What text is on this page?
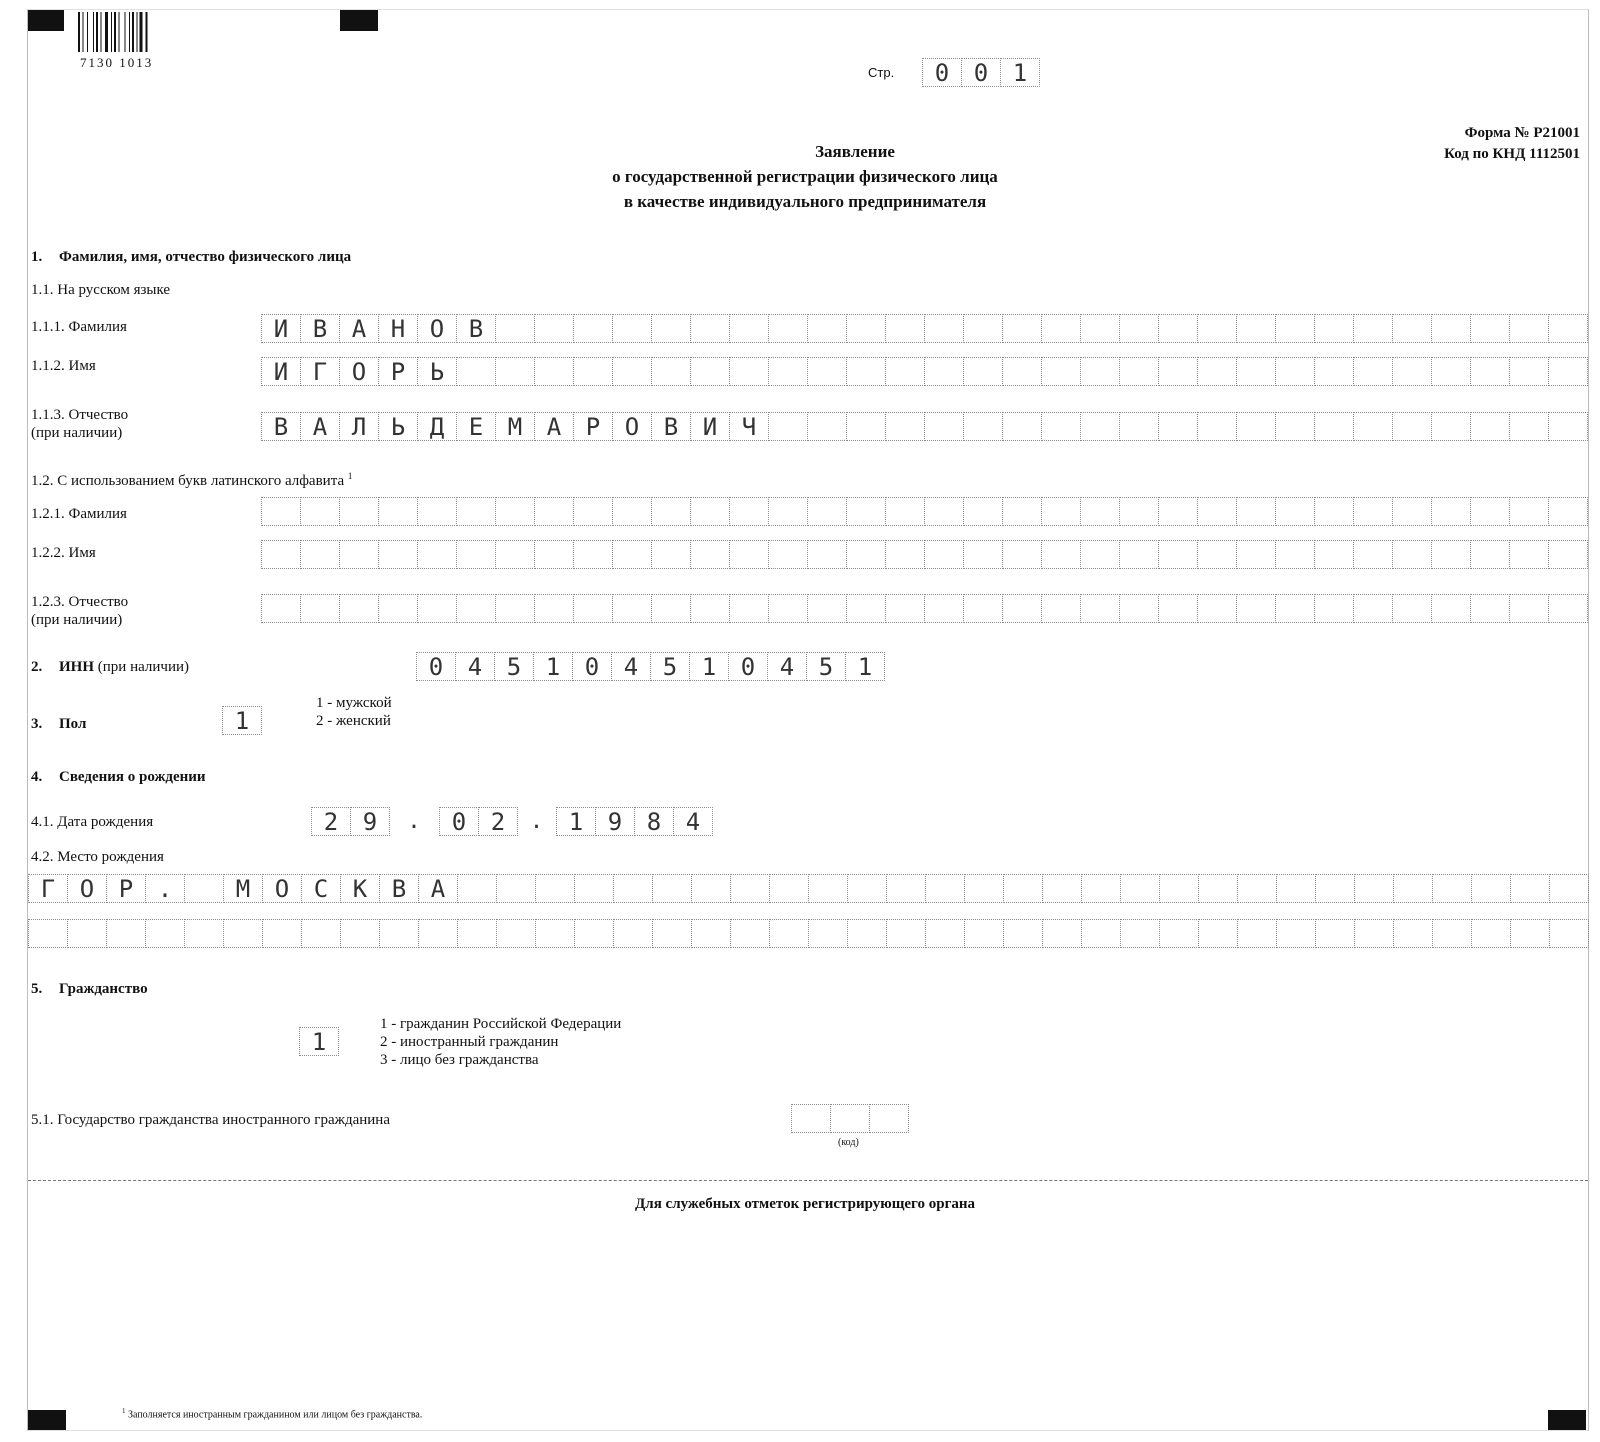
7130 1013
Стр.	0	0	1
Форма № Р21001
Код по КНД 1112501
Заявление
о государственной регистрации физического лица
в качестве индивидуального предпринимателя
1. Фамилия, имя, отчество физического лица
1.1. На русском языке
1.1.1. Фамилия	И	В	А	Н	О	В
1.1.2. Имя	И	Г	О	Р	Ь
1.1.3. Отчество
(при наличии)	В	А	Л	Ь	Д	Е	М	А	Р	О	В	И	Ч
1.2. С использованием букв латинского алфавита $^1$
1.2.1. Фамилия
1.2.2. Имя
1.2.3. Отчество
(при наличии)
2. ИНН (при наличии)	0	4	5	1	0	4	5	1	0	4	5	1
3. Пол	1
1 - мужской
2 - женский
4. Сведения о рождении
4.1. Дата рождения	2	9	.	0	2	.	1	9	8	4
4.2. Место рождения
Г	О	Р	.	М	О	С	К	В	А
5. Гражданство
1
1 - гражданин Российской Федерации
2 - иностранный гражданин
3 - лицо без гражданства
5.1. Государство гражданства иностранного гражданина
(код)
Для служебных отметок регистрирующего органа
$^1$ Заполняется иностранным гражданином или лицом без гражданства.
